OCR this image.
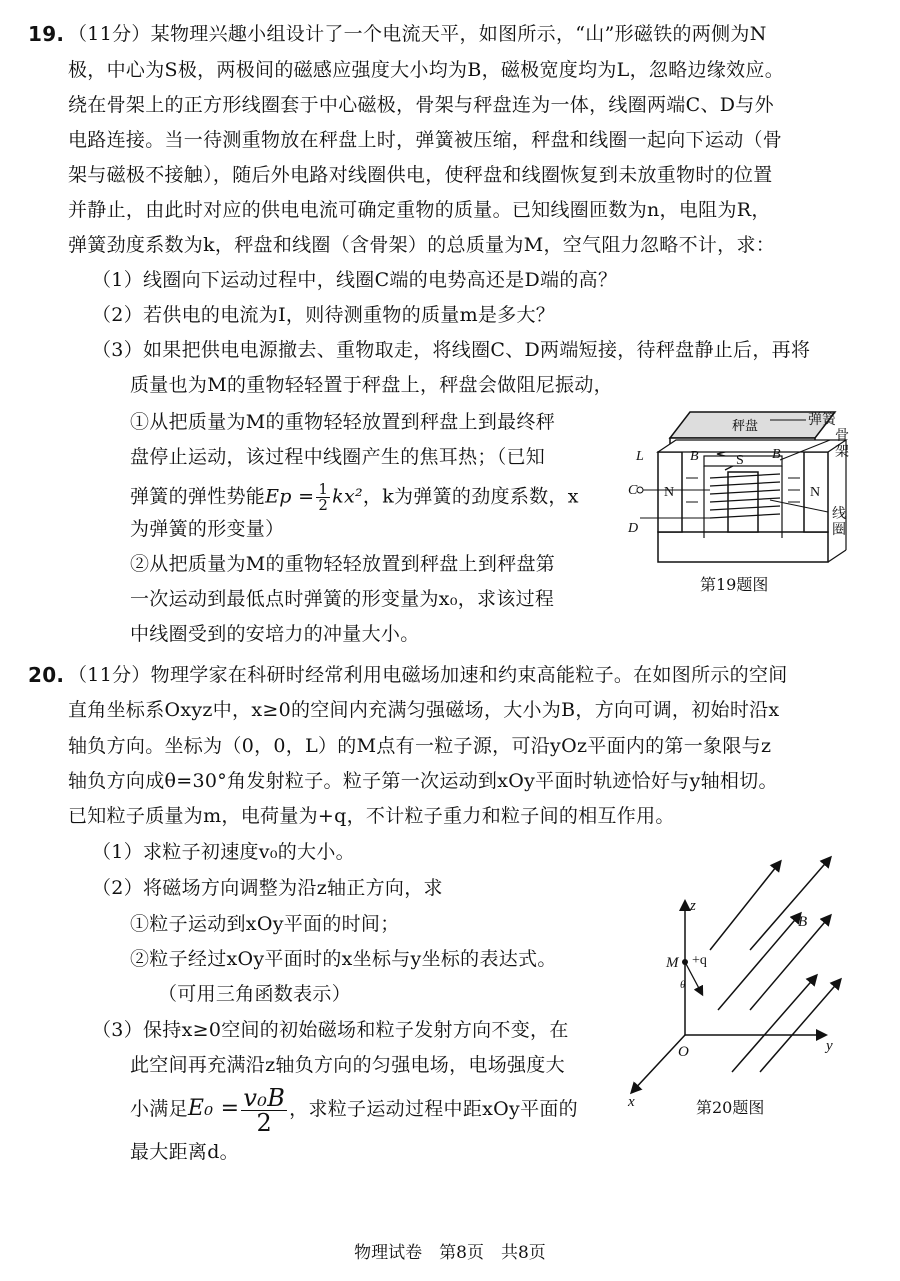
19. （11分）某物理兴趣小组设计了一个电流天平，如图所示，“山”形磁铁的两侧为N
极，中心为S极，两极间的磁感应强度大小均为B，磁极宽度均为L，忽略边缘效应。
绕在骨架上的正方形线圈套于中心磁极，骨架与秤盘连为一体，线圈两端C、D与外
电路连接。当一待测重物放在秤盘上时，弹簧被压缩，秤盘和线圈一起向下运动（骨
架与磁极不接触），随后外电路对线圈供电，使秤盘和线圈恢复到未放重物时的位置
并静止，由此时对应的供电电流可确定重物的质量。已知线圈匝数为n，电阻为R，
弹簧劲度系数为k，秤盘和线圈（含骨架）的总质量为M，空气阻力忽略不计，求：
（1）线圈向下运动过程中，线圈C端的电势高还是D端的高？
（2）若供电的电流为I，则待测重物的质量m是多大？
（3）如果把供电电源撤去、重物取走，将线圈C、D两端短接，待秤盘静止后，再将
质量也为M的重物轻轻置于秤盘上，秤盘会做阻尼振动，
①从把质量为M的重物轻轻放置到秤盘上到最终秤
盘停止运动，该过程中线圈产生的焦耳热；（已知
弹簧的弹性势能$Ep = \frac{1}{2} kx^2$，k为弹簧的劲度系数，x
为弹簧的形变量）
②从把质量为M的重物轻轻放置到秤盘上到秤盘第
一次运动到最低点时弹簧的形变量为x₀，求该过程
中线圈受到的安培力的冲量大小。
秤盘	弹簧
骨
架
线
圈
L	B	S B
N	N
C
D
第19题图
20. （11分）物理学家在科研时经常利用电磁场加速和约束高能粒子。在如图所示的空间
直角坐标系Oxyz中，x≥0的空间内充满匀强磁场，大小为B，方向可调，初始时沿x
轴负方向。坐标为（0，0，L）的M点有一粒子源，可沿yOz平面内的第一象限与z
轴负方向成θ=30°角发射粒子。粒子第一次运动到xOy平面时轨迹恰好与y轴相切。
已知粒子质量为m，电荷量为+q，不计粒子重力和粒子间的相互作用。
（1）求粒子初速度v₀的大小。
（2）将磁场方向调整为沿z轴正方向，求
①粒子运动到xOy平面的时间；
②粒子经过xOy平面时的x坐标与y坐标的表达式。
（可用三角函数表示）
（3）保持x≥0空间的初始磁场和粒子发射方向不变，在
此空间再充满沿z轴负方向的匀强电场，电场强度大
小满足$E_0 = \frac{\text{v₀B}}{2}$ ，求粒子运动过程中距xOy平面的
最大距离d。
z
y
x
O
M +q
θ
B
第20题图
物理试卷　第8页　共8页
